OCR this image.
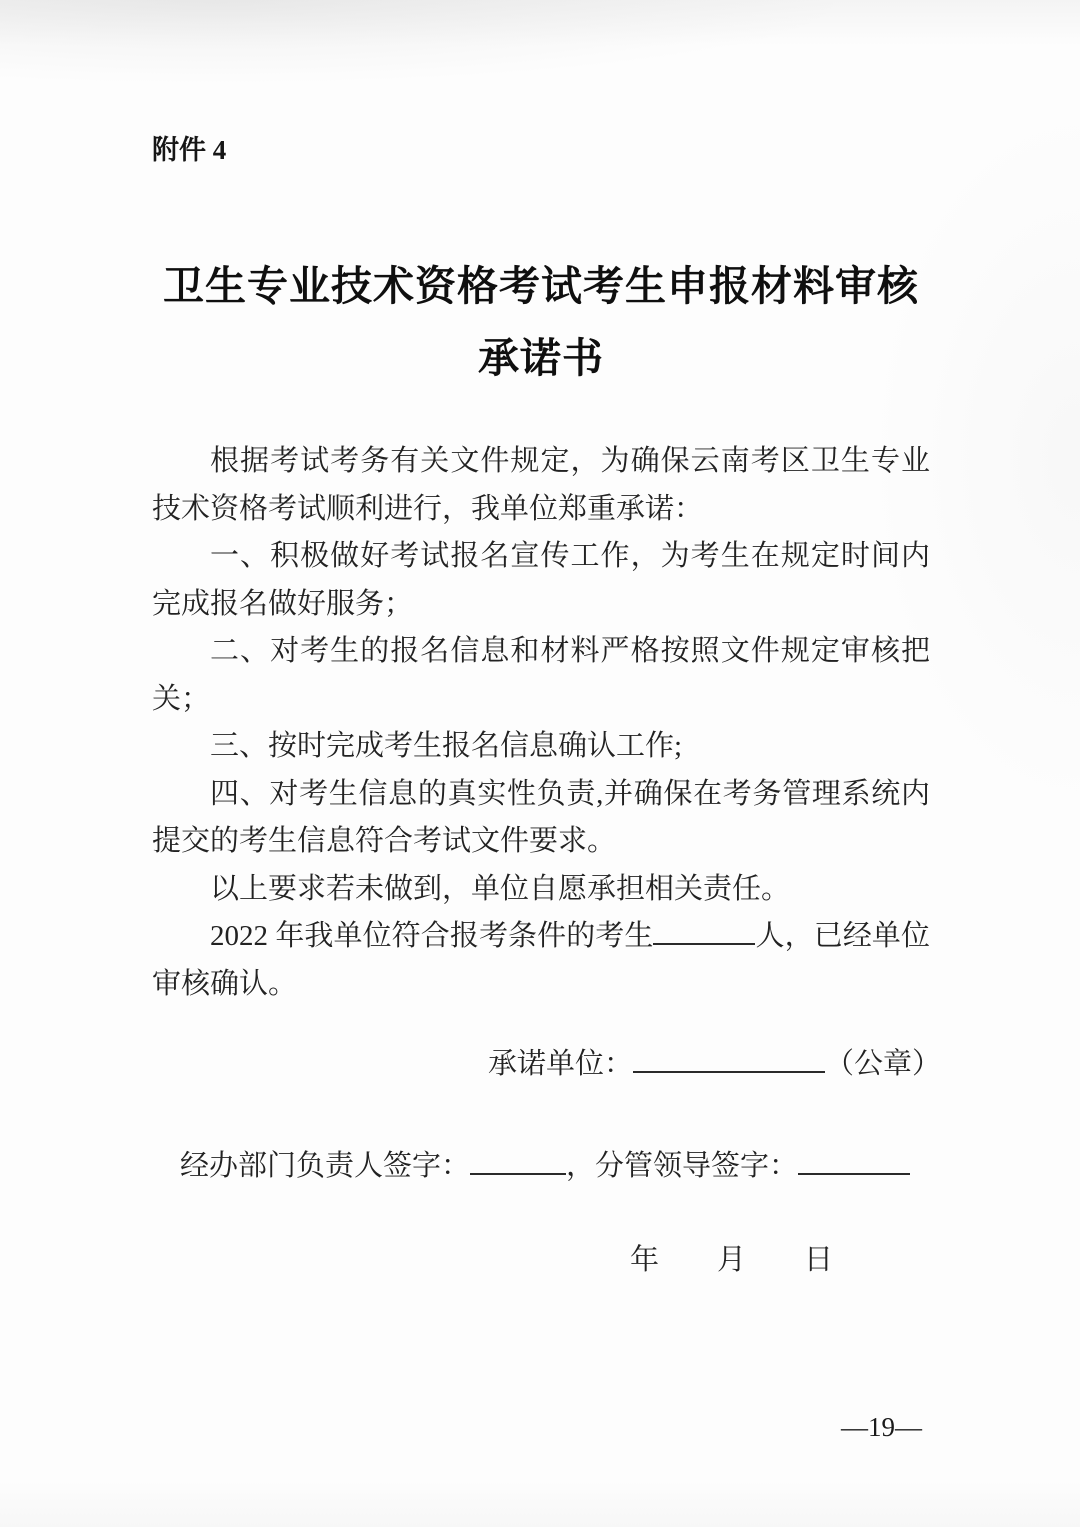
附件 4
卫生专业技术资格考试考生申报材料审核
承诺书

根据考试考务有关文件规定，为确保云南考区卫生专业技术资格考试顺利进行，我单位郑重承诺：

一、积极做好考试报名宣传工作，为考生在规定时间内完成报名做好服务；

二、对考生的报名信息和材料严格按照文件规定审核把关；

三、按时完成考生报名信息确认工作;

四、对考生信息的真实性负责,并确保在考务管理系统内提交的考生信息符合考试文件要求。

以上要求若未做到，单位自愿承担相关责任。

2022 年我单位符合报考条件的考生	人，已经单位审核确认。

承诺单位：	（公章）
经办部门负责人签字：	，分管领导签字：
年 月 日
—19—
